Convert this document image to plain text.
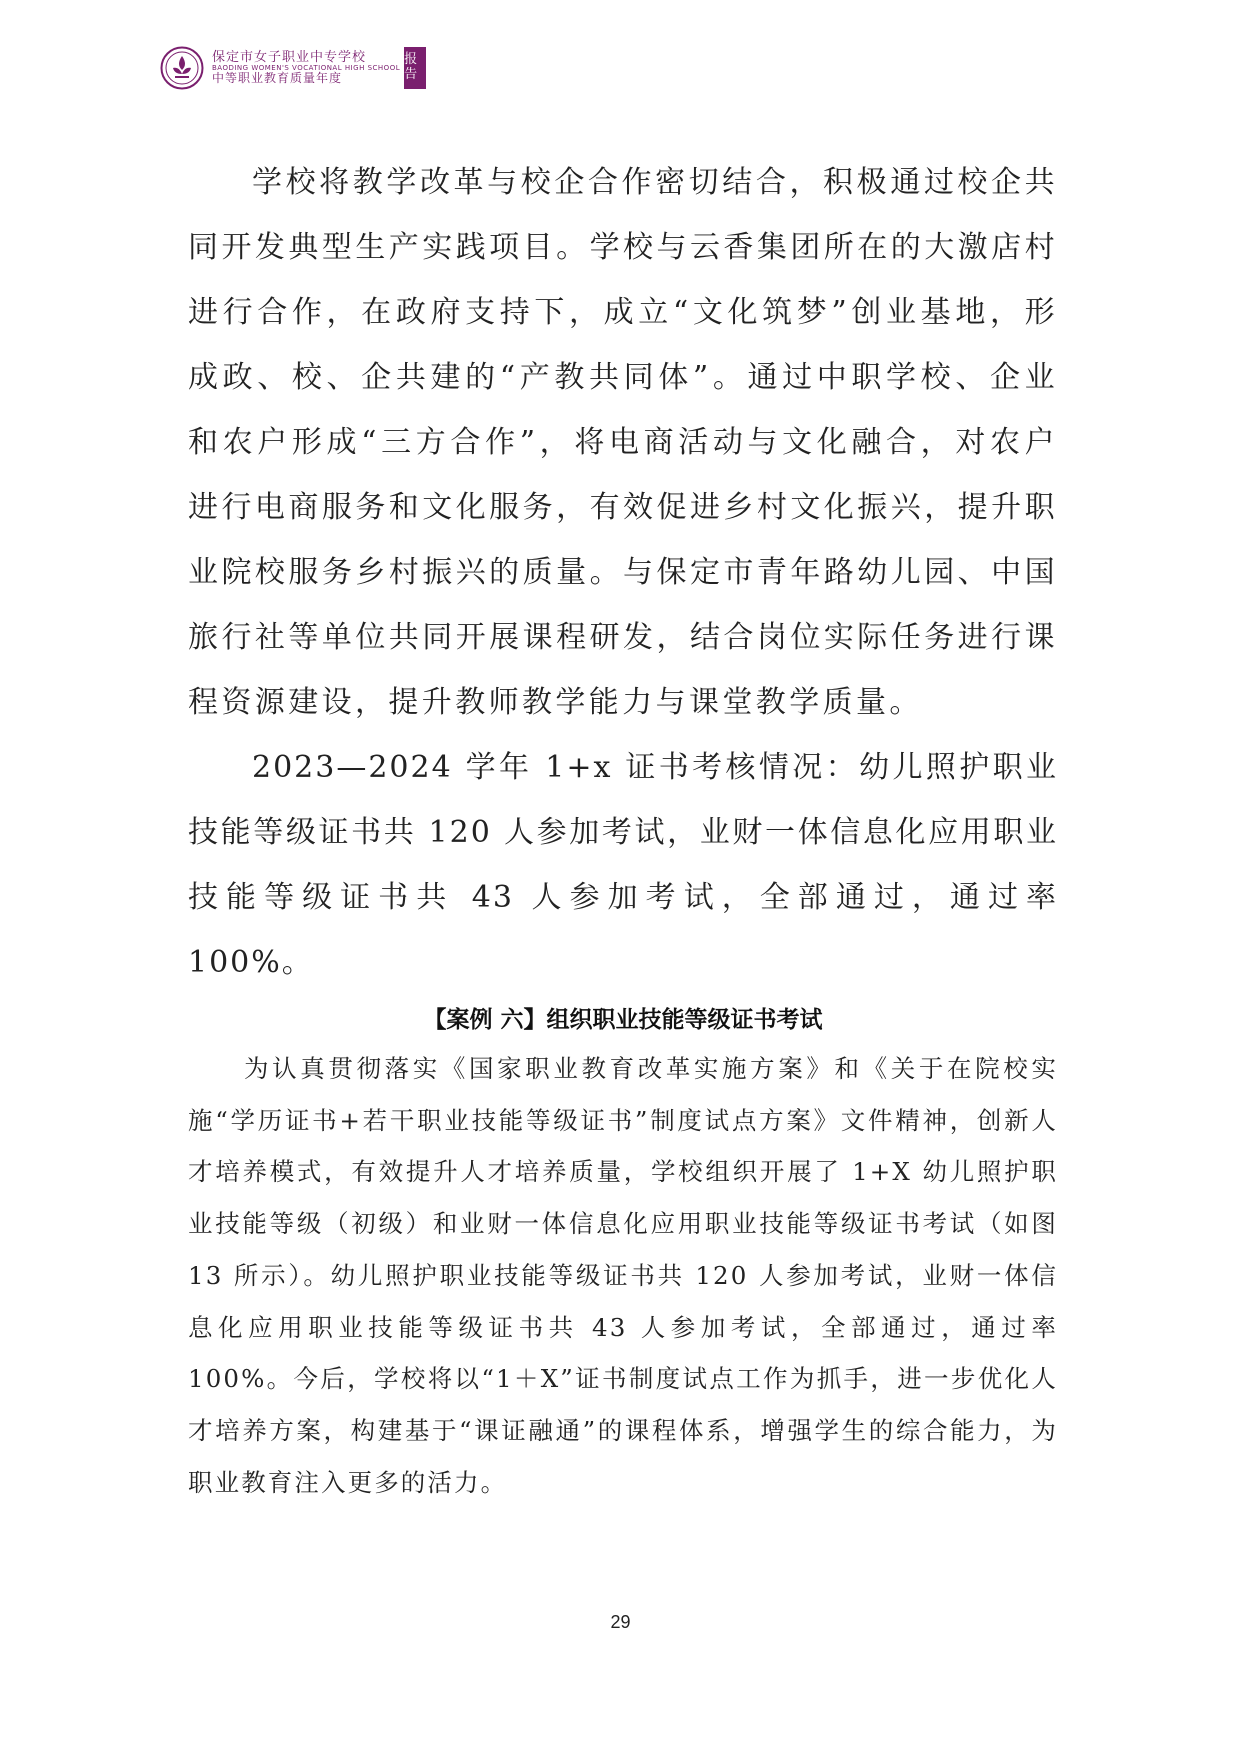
保定市女子职业中专学校
BAODING WOMEN'S VOCATIONAL HIGH SCHOOL
中等职业教育质量年度
报告

学校将教学改革与校企合作密切结合，积极通过校企共同开发典型生产实践项目。学校与云香集团所在的大激店村进行合作，在政府支持下，成立“文化筑梦”创业基地，形成政、校、企共建的“产教共同体”。通过中职学校、企业和农户形成“三方合作”，将电商活动与文化融合，对农户进行电商服务和文化服务，有效促进乡村文化振兴，提升职业院校服务乡村振兴的质量。与保定市青年路幼儿园、中国旅行社等单位共同开展课程研发，结合岗位实际任务进行课程资源建设，提升教师教学能力与课堂教学质量。

2023—2024 学年 1+x 证书考核情况：幼儿照护职业技能等级证书共 120 人参加考试，业财一体信息化应用职业技能等级证书共 43 人参加考试，全部通过，通过率 100%。

【案例 六】组织职业技能等级证书考试

为认真贯彻落实《国家职业教育改革实施方案》和《关于在院校实施“学历证书+若干职业技能等级证书”制度试点方案》文件精神，创新人才培养模式，有效提升人才培养质量，学校组织开展了 1+X 幼儿照护职业技能等级（初级）和业财一体信息化应用职业技能等级证书考试（如图 13 所示）。幼儿照护职业技能等级证书共 120 人参加考试，业财一体信息化应用职业技能等级证书共 43 人参加考试，全部通过，通过率 100%。今后，学校将以“1＋X”证书制度试点工作为抓手，进一步优化人才培养方案，构建基于“课证融通”的课程体系，增强学生的综合能力，为职业教育注入更多的活力。

29
